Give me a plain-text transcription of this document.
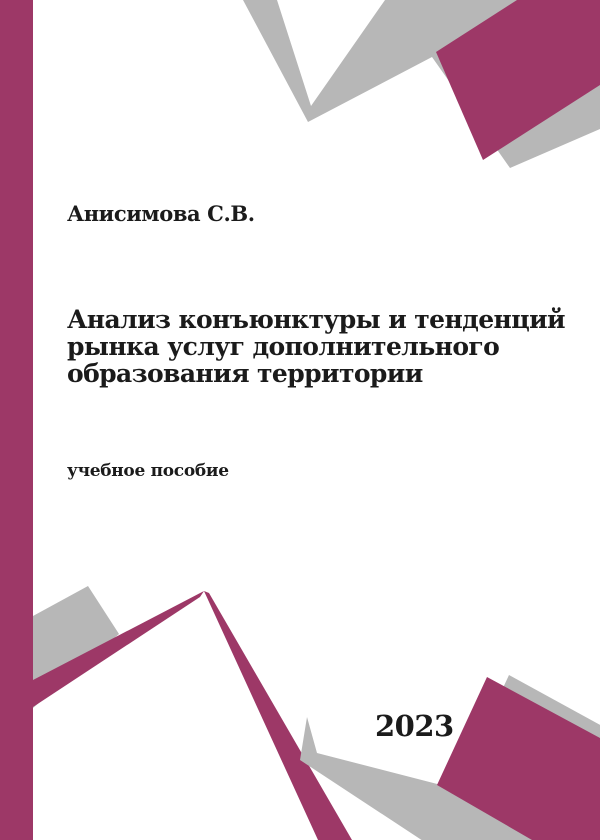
Анисимова С.В.
Анализ конъюнктуры и тенденций
рынка услуг дополнительного
образования территории
учебное пособие
2023
